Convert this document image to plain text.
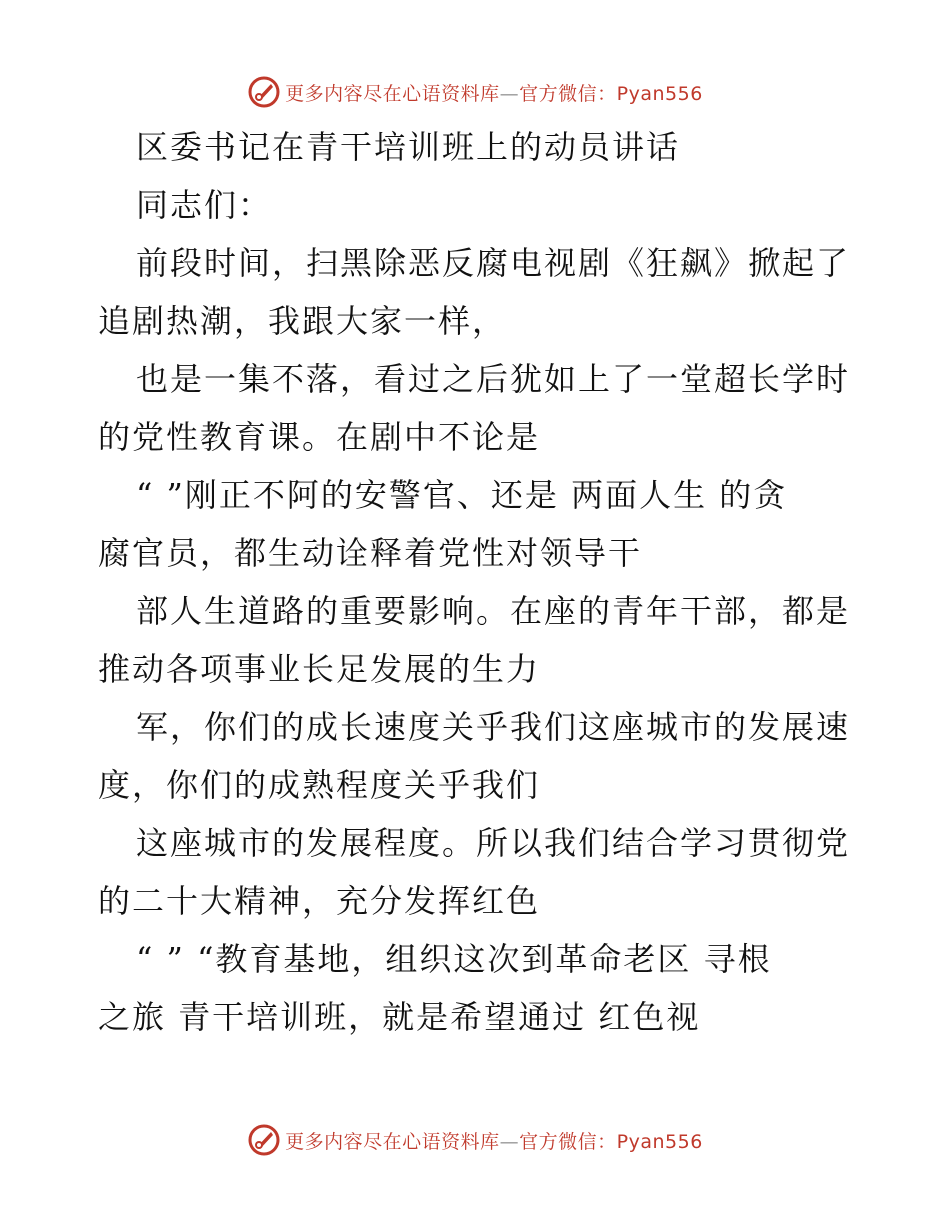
更多内容尽在心语资料库—官方微信：Pyan556
区委书记在青干培训班上的动员讲话
同志们：
前段时间，扫黑除恶反腐电视剧《狂飙》掀起了
追剧热潮，我跟大家一样，
也是一集不落，看过之后犹如上了一堂超长学时
的党性教育课。在剧中不论是
“ ”刚正不阿的安警官、还是 两面人生 的贪
腐官员，都生动诠释着党性对领导干
部人生道路的重要影响。在座的青年干部，都是
推动各项事业长足发展的生力
军，你们的成长速度关乎我们这座城市的发展速
度，你们的成熟程度关乎我们
这座城市的发展程度。所以我们结合学习贯彻党
的二十大精神，充分发挥红色
“ ” “教育基地，组织这次到革命老区 寻根
之旅 青干培训班，就是希望通过 红色视
更多内容尽在心语资料库—官方微信：Pyan556
